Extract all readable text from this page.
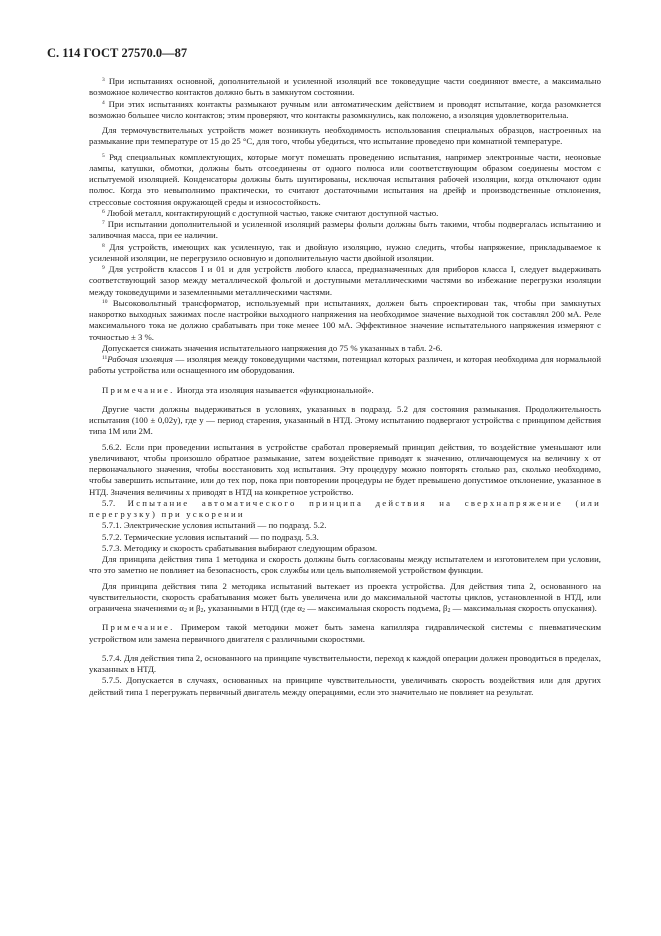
С. 114 ГОСТ 27570.0—87

$^3$ При испытаниях основной, дополнительной и усиленной изоляций все токоведущие части соединяют вместе, а максимально возможное количество контактов должно быть в замкнутом состоянии.

$^4$ При этих испытаниях контакты размыкают ручным или автоматическим действием и проводят испытание, когда разомкнется возможно большее число контактов; этим проверяют, что контакты разомкнулись, как положено, а изоляция удовлетворительна.

Для термочувствительных устройств может возникнуть необходимость использования специальных образцов, настроенных на размыкание при температуре от 15 до 25 °С, для того, чтобы убедиться, что испытание проведено при комнатной температуре.

$^5$ Ряд специальных комплектующих, которые могут помешать проведению испытания, например электронные части, неоновые лампы, катушки, обмотки, должны быть отсоединены от одного полюса или соответствующим образом соединены мостом с испытуемой изоляцией. Конденсаторы должны быть шунтированы, исключая испытания рабочей изоляции, когда отключают один полюс. Когда это невыполнимо практически, то считают достаточными испытания на дрейф и производственные отклонения, стрессовые состояния окружающей среды и износостойкость.

$^6$ Любой металл, контактирующий с доступной частью, также считают доступной частью.

$^7$ При испытании дополнительной и усиленной изоляций размеры фольги должны быть такими, чтобы подвергалась испытанию и заливочная масса, при ее наличии.

$^8$ Для устройств, имеющих как усиленную, так и двойную изоляцию, нужно следить, чтобы напряжение, прикладываемое к усиленной изоляции, не перегрузило основную и дополнительную части двойной изоляции.

$^9$ Для устройств классов I и 01 и для устройств любого класса, предназначенных для приборов класса I, следует выдерживать соответствующий зазор между металлической фольгой и доступными металлическими частями во избежание перегрузки изоляции между токоведущими и заземленными металлическими частями.

$^{10}$ Высоковольтный трансформатор, используемый при испытаниях, должен быть спроектирован так, чтобы при замкнутых накоротко выходных зажимах после настройки выходного напряжения на необходимое значение выходной ток составлял 200 мА. Реле максимального тока не должно срабатывать при токе менее 100 мА. Эффективное значение испытательного напряжения измеряют с точностью ± 3 %.

Допускается снижать значения испытательного напряжения до 75 % указанных в табл. 2-6.

$^{11}$Рабочая изоляция — изоляция между токоведущими частями, потенциал которых различен, и которая необходима для нормальной работы устройства или оснащенного им оборудования.

Примечание. Иногда эта изоляция называется «функциональной».

Другие части должны выдерживаться в условиях, указанных в подразд. 5.2 для состояния размыкания. Продолжительность испытания (100 ± 0,02y), где у — период старения, указанный в НТД. Этому испытанию подвергают устройства с принципом действия типа 1М или 2М.

5.6.2. Если при проведении испытания в устройстве сработал проверяемый принцип действия, то воздействие уменьшают или увеличивают, чтобы произошло обратное размыкание, затем воздействие приводят к значению, отличающемуся на величину x от первоначального значения, чтобы восстановить ход испытания. Эту процедуру можно повторять столько раз, сколько необходимо, чтобы завершить испытание, или до тех пор, пока при повторении процедуры не будет превышено допустимое отклонение, указанное в НТД. Значения величины x приводят в НТД на конкретное устройство.

5.7. Испытание автоматического принципа действия на сверхнапряжение (или перегрузку) при ускорении

5.7.1. Электрические условия испытаний — по подразд. 5.2.

5.7.2. Термические условия испытаний — по подразд. 5.3.

5.7.3. Методику и скорость срабатывания выбирают следующим образом.

Для принципа действия типа 1 методика и скорость должны быть согласованы между испытателем и изготовителем при условии, что это заметно не повлияет на безопасность, срок службы или цель выполняемой устройством функции.

Для принципа действия типа 2 методика испытаний вытекает из проекта устройства. Для действия типа 2, основанного на чувствительности, скорость срабатывания может быть увеличена или до максимальной частоты циклов, установленной в НТД, или ограничена значениями $\alpha_2$ и $\beta_2$, указанными в НТД (где $\alpha_2$ — максимальная скорость подъема, $\beta_2$ — максимальная скорость опускания).

Примечание. Примером такой методики может быть замена капилляра гидравлической системы с пневматическим устройством или замена первичного двигателя с различными скоростями.

5.7.4. Для действия типа 2, основанного на принципе чувствительности, переход к каждой операции должен проводиться в пределах, указанных в НТД.

5.7.5. Допускается в случаях, основанных на принципе чувствительности, увеличивать скорость воздействия или для других действий типа 1 перегружать первичный двигатель между операциями, если это значительно не повлияет на результат.
